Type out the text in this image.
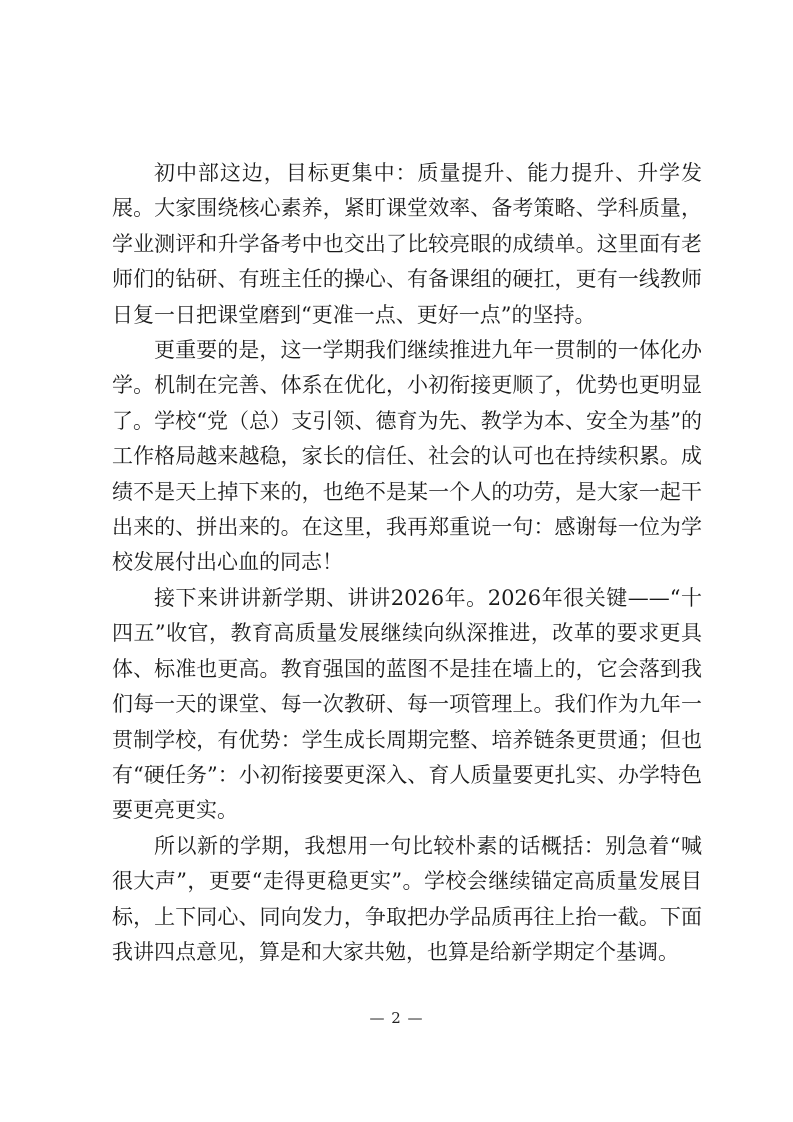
初中部这边，目标更集中：质量提升、能力提升、升学发展。大家围绕核心素养，紧盯课堂效率、备考策略、学科质量，学业测评和升学备考中也交出了比较亮眼的成绩单。这里面有老师们的钻研、有班主任的操心、有备课组的硬扛，更有一线教师日复一日把课堂磨到“更准一点、更好一点”的坚持。

更重要的是，这一学期我们继续推进九年一贯制的一体化办学。机制在完善、体系在优化，小初衔接更顺了，优势也更明显了。学校“党（总）支引领、德育为先、教学为本、安全为基”的工作格局越来越稳，家长的信任、社会的认可也在持续积累。成绩不是天上掉下来的，也绝不是某一个人的功劳，是大家一起干出来的、拼出来的。在这里，我再郑重说一句：感谢每一位为学校发展付出心血的同志！

接下来讲讲新学期、讲讲2026年。2026年很关键——“十四五”收官，教育高质量发展继续向纵深推进，改革的要求更具体、标准也更高。教育强国的蓝图不是挂在墙上的，它会落到我们每一天的课堂、每一次教研、每一项管理上。我们作为九年一贯制学校，有优势：学生成长周期完整、培养链条更贯通；但也有“硬任务”：小初衔接要更深入、育人质量要更扎实、办学特色要更亮更实。

所以新的学期，我想用一句比较朴素的话概括：别急着“喊很大声”，更要“走得更稳更实”。学校会继续锚定高质量发展目标，上下同心、同向发力，争取把办学品质再往上抬一截。下面我讲四点意见，算是和大家共勉，也算是给新学期定个基调。

— 2 —
